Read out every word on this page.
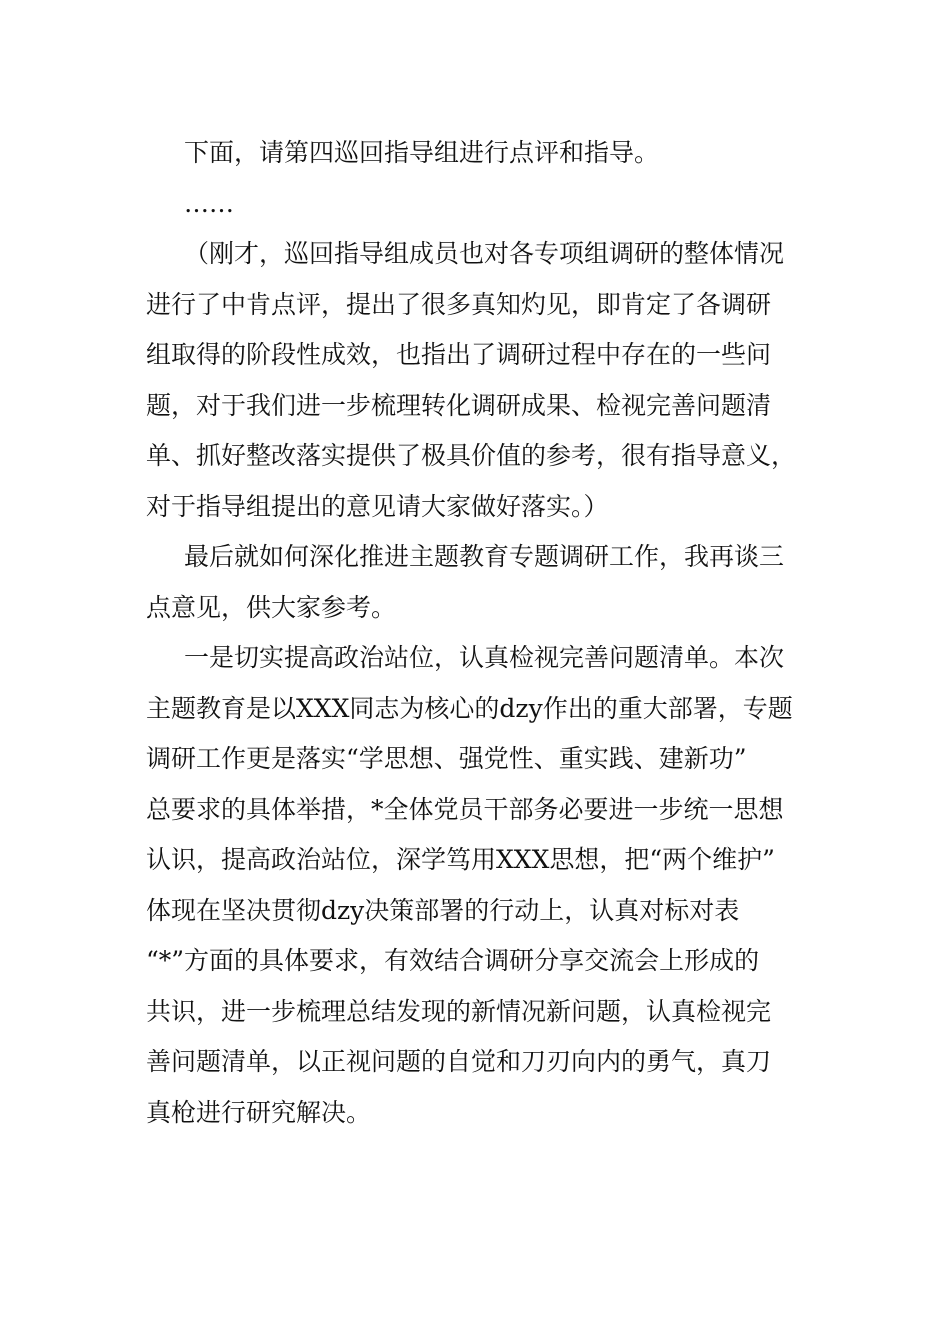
下面，请第四巡回指导组进行点评和指导。
……
（刚才，巡回指导组成员也对各专项组调研的整体情况
进行了中肯点评，提出了很多真知灼见，即肯定了各调研
组取得的阶段性成效，也指出了调研过程中存在的一些问
题，对于我们进一步梳理转化调研成果、检视完善问题清
单、抓好整改落实提供了极具价值的参考，很有指导意义，
对于指导组提出的意见请大家做好落实。）
最后就如何深化推进主题教育专题调研工作，我再谈三
点意见，供大家参考。
一是切实提高政治站位，认真检视完善问题清单。本次
主题教育是以XXX同志为核心的dzy作出的重大部署，专题
调研工作更是落实“学思想、强党性、重实践、建新功”
总要求的具体举措，*全体党员干部务必要进一步统一思想
认识，提高政治站位，深学笃用XXX思想，把“两个维护”
体现在坚决贯彻dzy决策部署的行动上，认真对标对表
“*”方面的具体要求，有效结合调研分享交流会上形成的
共识，进一步梳理总结发现的新情况新问题，认真检视完
善问题清单，以正视问题的自觉和刀刃向内的勇气，真刀
真枪进行研究解决。
